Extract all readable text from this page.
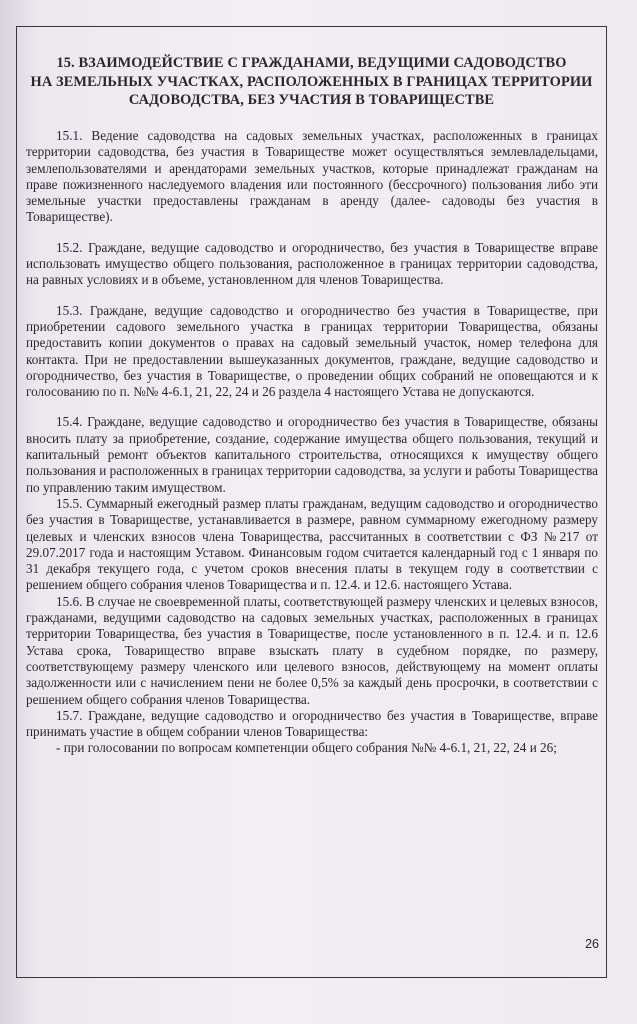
15. ВЗАИМОДЕЙСТВИЕ С ГРАЖДАНАМИ, ВЕДУЩИМИ САДОВОДСТВО
НА ЗЕМЕЛЬНЫХ УЧАСТКАХ, РАСПОЛОЖЕННЫХ В ГРАНИЦАХ ТЕРРИТОРИИ
САДОВОДСТВА, БЕЗ УЧАСТИЯ В ТОВАРИЩЕСТВЕ

15.1. Ведение садоводства на садовых земельных участках, расположенных в границах территории садоводства, без участия в Товариществе может осуществляться землевладельцами, землепользователями и арендаторами земельных участков, которые принадлежат гражданам на праве пожизненного наследуемого владения или постоянного (бессрочного) пользования либо эти земельные участки предоставлены гражданам в аренду (далее- садоводы без участия в Товариществе).

15.2. Граждане, ведущие садоводство и огородничество, без участия в Товариществе вправе использовать имущество общего пользования, расположенное в границах территории садоводства, на равных условиях и в объеме, установленном для членов Товарищества.

15.3. Граждане, ведущие садоводство и огородничество без участия в Товариществе, при приобретении садового земельного участка в границах территории Товарищества, обязаны предоставить копии документов о правах на садовый земельный участок, номер телефона для контакта. При не предоставлении вышеуказанных документов, граждане, ведущие садоводство и огородничество, без участия в Товариществе, о проведении общих собраний не оповещаются и к голосованию по п. №№ 4-6.1, 21, 22, 24 и 26 раздела 4 настоящего Устава не допускаются.

15.4. Граждане, ведущие садоводство и огородничество без участия в Товариществе, обязаны вносить плату за приобретение, создание, содержание имущества общего пользования, текущий и капитальный ремонт объектов капитального строительства, относящихся к имуществу общего пользования и расположенных в границах территории садоводства, за услуги и работы Товарищества по управлению таким имуществом.

15.5. Суммарный ежегодный размер платы гражданам, ведущим садоводство и огородничество без участия в Товариществе, устанавливается в размере, равном суммарному ежегодному размеру целевых и членских взносов члена Товарищества, рассчитанных в соответствии с ФЗ №217 от 29.07.2017 года и настоящим Уставом. Финансовым годом считается календарный год с 1 января по 31 декабря текущего года, с учетом сроков внесения платы в текущем году в соответствии с решением общего собрания членов Товарищества и п. 12.4. и 12.6. настоящего Устава.

15.6. В случае не своевременной платы, соответствующей размеру членских и целевых взносов, гражданами, ведущими садоводство на садовых земельных участках, расположенных в границах территории Товарищества, без участия в Товариществе, после установленного в п. 12.4. и п. 12.6 Устава срока, Товарищество вправе взыскать плату в судебном порядке, по размеру, соответствующему размеру членского или целевого взносов, действующему на момент оплаты задолженности или с начислением пени не более 0,5% за каждый день просрочки, в соответствии с решением общего собрания членов Товарищества.

15.7. Граждане, ведущие садоводство и огородничество без участия в Товариществе, вправе принимать участие в общем собрании членов Товарищества:

- при голосовании по вопросам компетенции общего собрания №№ 4-6.1, 21, 22, 24 и 26;

26
